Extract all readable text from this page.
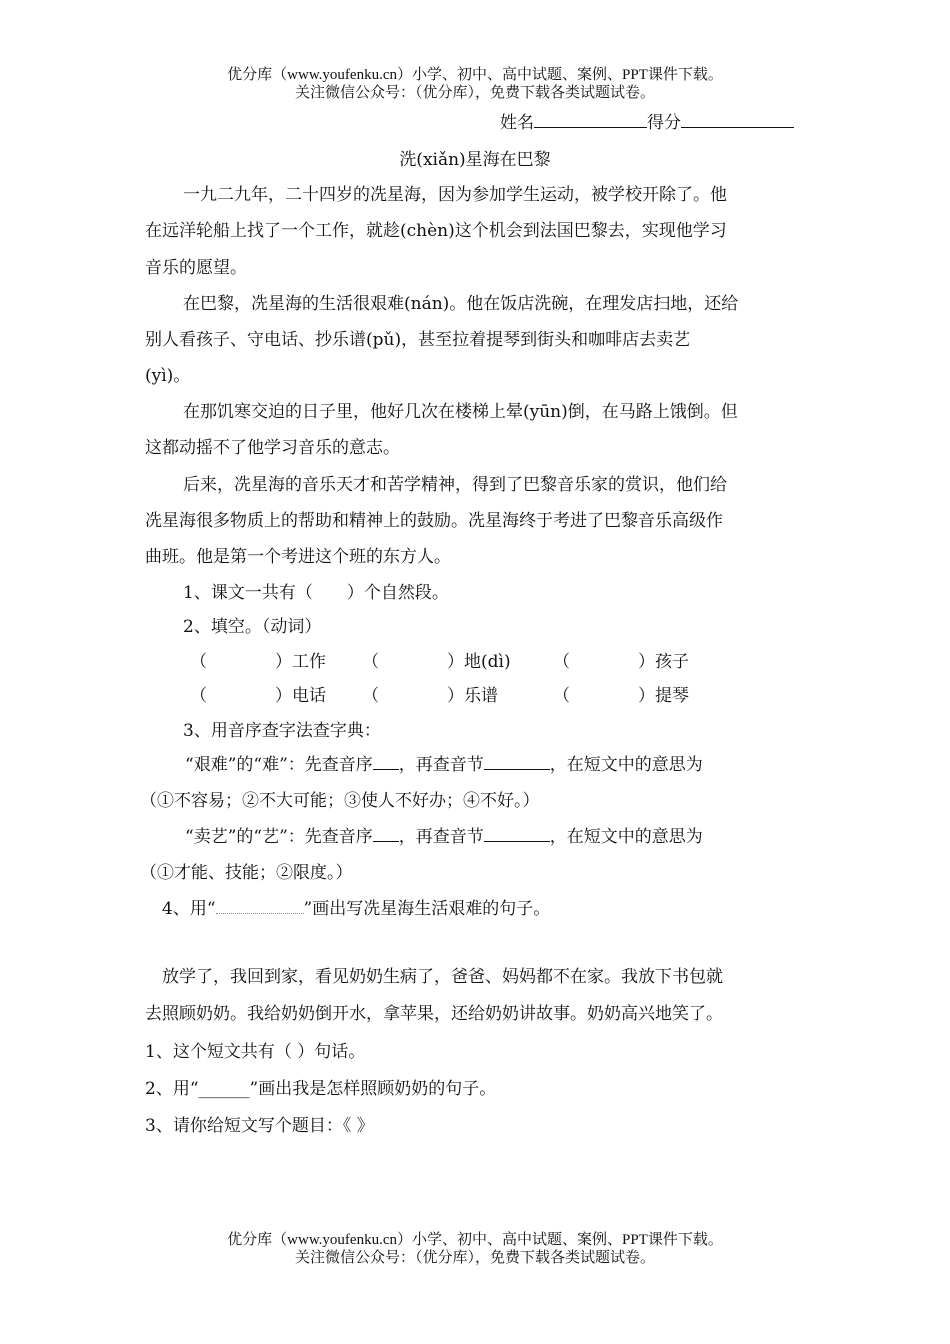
优分库（www.youfenku.cn）小学、初中、高中试题、案例、PPT课件下载。
关注微信公众号：（优分库），免费下载各类试题试卷。
姓名	得分
洗(xiǎn)星海在巴黎
一九二九年，二十四岁的冼星海，因为参加学生运动，被学校开除了。他
在远洋轮船上找了一个工作，就趁(chèn)这个机会到法国巴黎去，实现他学习
音乐的愿望。
在巴黎，冼星海的生活很艰难(nán)。他在饭店洗碗，在理发店扫地，还给
别人看孩子、守电话、抄乐谱(pǔ)，甚至拉着提琴到街头和咖啡店去卖艺
(yì)。
在那饥寒交迫的日子里，他好几次在楼梯上晕(yūn)倒，在马路上饿倒。但
这都动摇不了他学习音乐的意志。
后来，冼星海的音乐天才和苦学精神，得到了巴黎音乐家的赏识，他们给
冼星海很多物质上的帮助和精神上的鼓励。冼星海终于考进了巴黎音乐高级作
曲班。他是第一个考进这个班的东方人。
1、课文一共有（　　）个自然段。
2、填空。（动词）
（　　　　）工作 （　　　　）地(dì) （　　　　）孩子
（　　　　）电话 （　　　　）乐谱	（　　　　）提琴
3、用音序查字法查字典：
“艰难”的“难”：先查音序 ，再查音节	，在短文中的意思为
（①不容易；②不大可能；③使人不好办；④不好。）
“卖艺”的“艺”：先查音序 ，再查音节	，在短文中的意思为
（①才能、技能；②限度。）
4、用“	”画出写冼星海生活艰难的句子。
放学了，我回到家，看见奶奶生病了，爸爸、妈妈都不在家。我放下书包就
去照顾奶奶。我给奶奶倒开水，拿苹果，还给奶奶讲故事。奶奶高兴地笑了。
1、这个短文共有（ ）句话。
2、用“______”画出我是怎样照顾奶奶的句子。
3、请你给短文写个题目：《 》
优分库（www.youfenku.cn）小学、初中、高中试题、案例、PPT课件下载。
关注微信公众号：（优分库），免费下载各类试题试卷。
